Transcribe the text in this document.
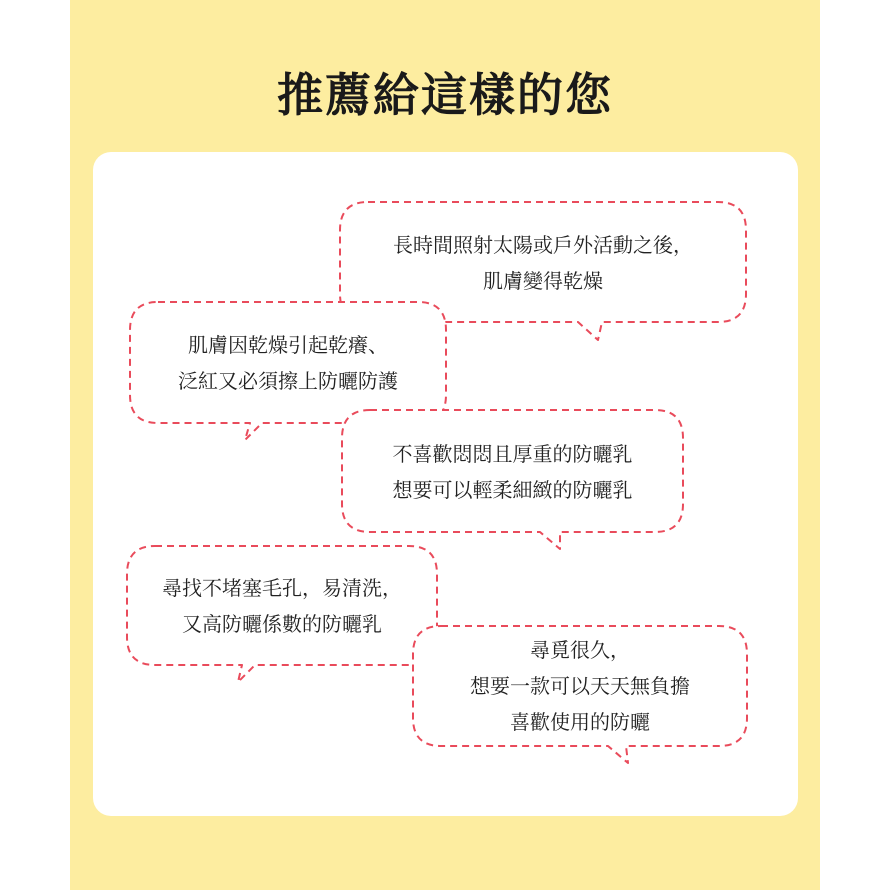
推薦給這樣的您
長時間照射太陽或戶外活動之後，
肌膚變得乾燥
肌膚因乾燥引起乾癢、
泛紅又必須擦上防曬防護
不喜歡悶悶且厚重的防曬乳
想要可以輕柔細緻的防曬乳
尋找不堵塞毛孔，易清洗，
又高防曬係數的防曬乳
尋覓很久，
想要一款可以天天無負擔
喜歡使用的防曬
